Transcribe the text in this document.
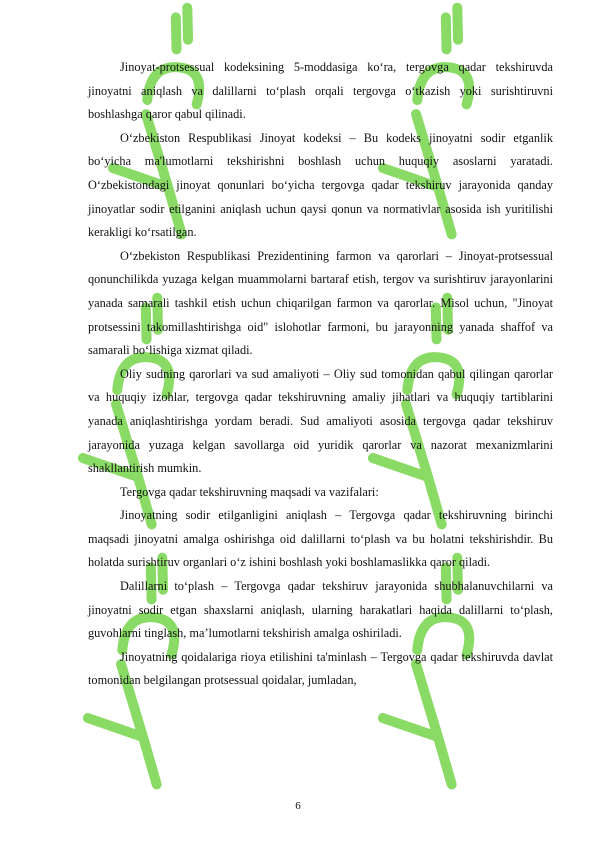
Jinoyat-protsessual kodeksining 5-moddasiga ko‘ra, tergovga qadar tekshiruvda jinoyatni aniqlash va dalillarni to‘plash orqali tergovga o‘tkazish yoki surishtiruvni boshlashga qaror qabul qilinadi.

O‘zbekiston Respublikasi Jinoyat kodeksi – Bu kodeks jinoyatni sodir etganlik bo‘yicha ma'lumotlarni tekshirishni boshlash uchun huquqiy asoslarni yaratadi. O‘zbekistondagi jinoyat qonunlari bo‘yicha tergovga qadar tekshiruv jarayonida qanday jinoyatlar sodir etilganini aniqlash uchun qaysi qonun va normativlar asosida ish yuritilishi kerakligi ko‘rsatilgan.

O‘zbekiston Respublikasi Prezidentining farmon va qarorlari – Jinoyat-protsessual qonunchilikda yuzaga kelgan muammolarni bartaraf etish, tergov va surishtiruv jarayonlarini yanada samarali tashkil etish uchun chiqarilgan farmon va qarorlar. Misol uchun, "Jinoyat protsessini takomillashtirishga oid" islohotlar farmoni, bu jarayonning yanada shaffof va samarali bo‘lishiga xizmat qiladi.

Oliy sudning qarorlari va sud amaliyoti – Oliy sud tomonidan qabul qilingan qarorlar va huquqiy izohlar, tergovga qadar tekshiruvning amaliy jihatlari va huquqiy tartiblarini yanada aniqlashtirishga yordam beradi. Sud amaliyoti asosida tergovga qadar tekshiruv jarayonida yuzaga kelgan savollarga oid yuridik qarorlar va nazorat mexanizmlarini shakllantirish mumkin.

Tergovga qadar tekshiruvning maqsadi va vazifalari:

Jinoyatning sodir etilganligini aniqlash – Tergovga qadar tekshiruvning birinchi maqsadi jinoyatni amalga oshirishga oid dalillarni to‘plash va bu holatni tekshirishdir. Bu holatda surishtiruv organlari o‘z ishini boshlash yoki boshlamaslikka qaror qiladi.

Dalillarni to‘plash – Tergovga qadar tekshiruv jarayonida shubhalanuvchilarni va jinoyatni sodir etgan shaxslarni aniqlash, ularning harakatlari haqida dalillarni to‘plash, guvohlarni tinglash, ma’lumotlarni tekshirish amalga oshiriladi.

Jinoyatning qoidalariga rioya etilishini ta'minlash – Tergovga qadar tekshiruvda davlat tomonidan belgilangan protsessual qoidalar, jumladan,

6
